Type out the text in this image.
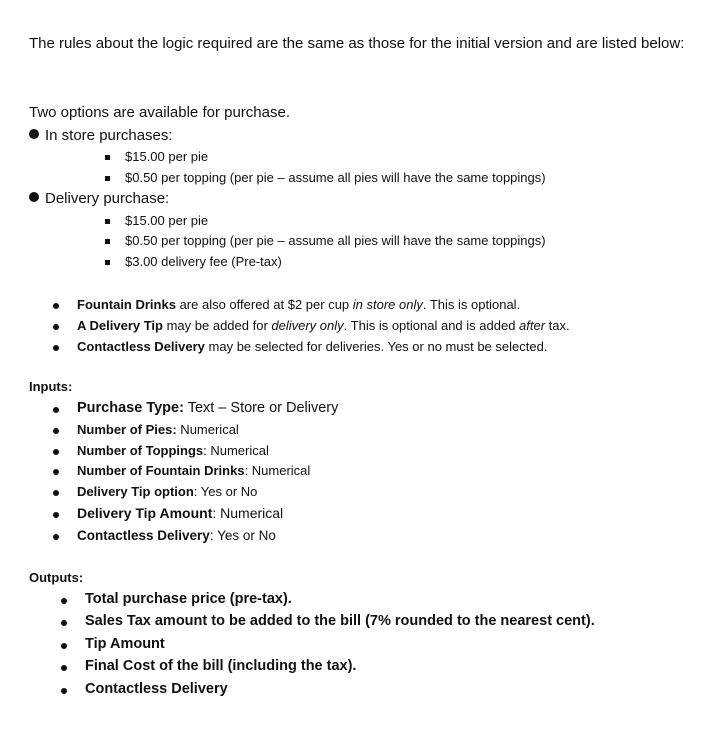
The rules about the logic required are the same as those for the initial version and are listed below:
Two options are available for purchase.
In store purchases:
$15.00 per pie
$0.50 per topping (per pie – assume all pies will have the same toppings)
Delivery purchase:
$15.00 per pie
$0.50 per topping (per pie – assume all pies will have the same toppings)
$3.00 delivery fee (Pre-tax)
Fountain Drinks are also offered at $2 per cup in store only. This is optional.
A Delivery Tip may be added for delivery only. This is optional and is added after tax.
Contactless Delivery may be selected for deliveries. Yes or no must be selected.
Inputs:
Purchase Type: Text – Store or Delivery
Number of Pies: Numerical
Number of Toppings: Numerical
Number of Fountain Drinks: Numerical
Delivery Tip option: Yes or No
Delivery Tip Amount: Numerical
Contactless Delivery: Yes or No
Outputs:
Total purchase price (pre-tax).
Sales Tax amount to be added to the bill (7% rounded to the nearest cent).
Tip Amount
Final Cost of the bill (including the tax).
Contactless Delivery
